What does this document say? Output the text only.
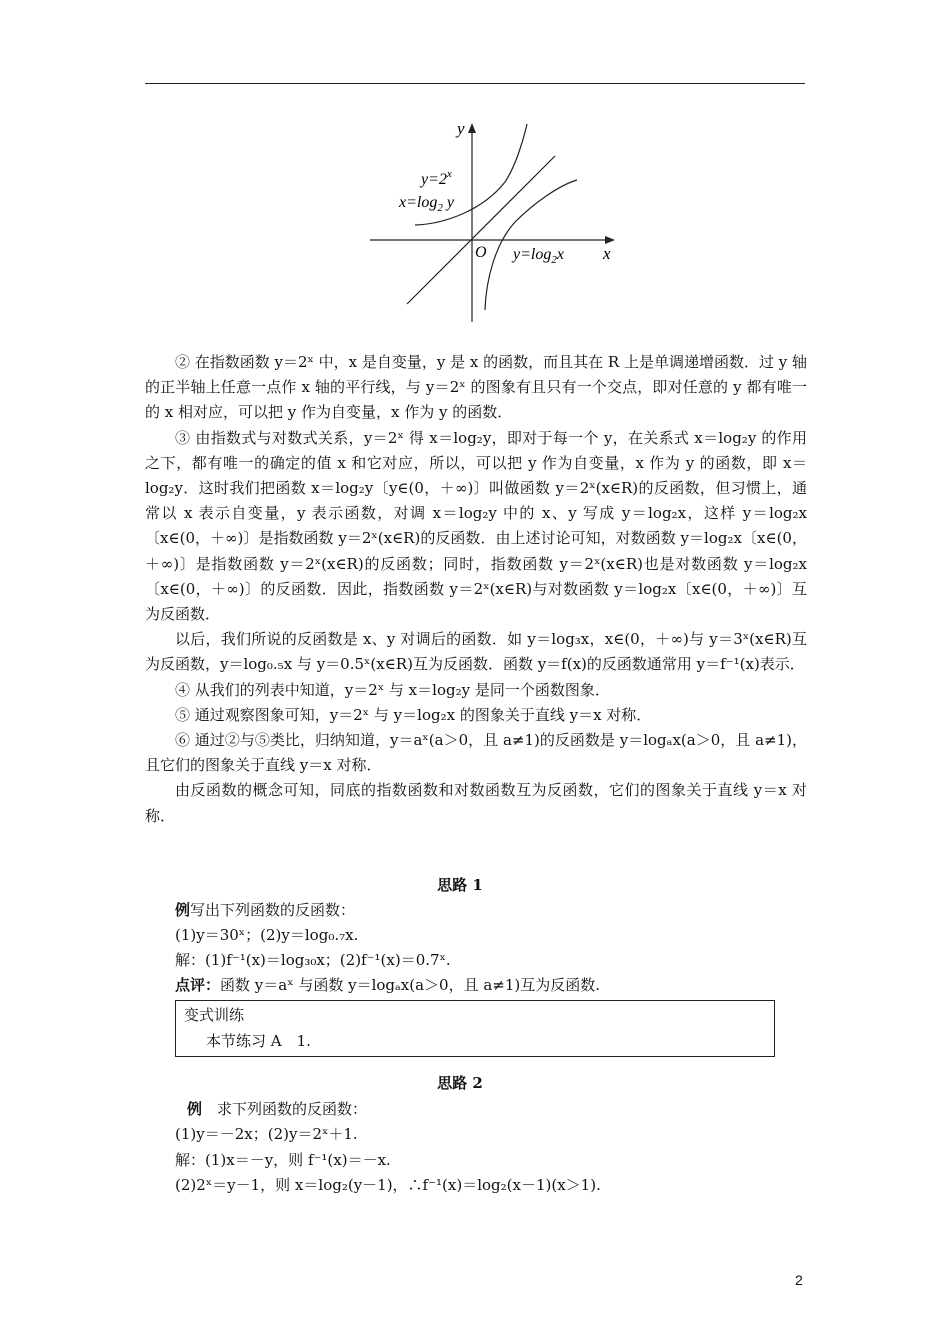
y
x
O
$y=2^x$
$x=\log_2$ y
$y=\log_2x$

② 在指数函数 y＝2ˣ 中，x 是自变量，y 是 x 的函数，而且其在 R 上是单调递增函数．过 y 轴的正半轴上任意一点作 x 轴的平行线，与 y＝2ˣ 的图象有且只有一个交点，即对任意的 y 都有唯一的 x 相对应，可以把 y 作为自变量，x 作为 y 的函数．

③ 由指数式与对数式关系，y＝2ˣ 得 x＝log₂y，即对于每一个 y，在关系式 x＝log₂y 的作用之下，都有唯一的确定的值 x 和它对应，所以，可以把 y 作为自变量，x 作为 y 的函数，即 x＝log₂y．这时我们把函数 x＝log₂y〔y∈(0，＋∞)〕叫做函数 y＝2ˣ(x∈R)的反函数，但习惯上，通常以 x 表示自变量，y 表示函数，对调 x＝log₂y 中的 x、y 写成 y＝log₂x，这样 y＝log₂x〔x∈(0，＋∞)〕是指数函数 y＝2ˣ(x∈R)的反函数．由上述讨论可知，对数函数 y＝log₂x〔x∈(0，＋∞)〕是指数函数 y＝2ˣ(x∈R)的反函数；同时，指数函数 y＝2ˣ(x∈R)也是对数函数 y＝log₂x〔x∈(0，＋∞)〕的反函数．因此，指数函数 y＝2ˣ(x∈R)与对数函数 y＝log₂x〔x∈(0，＋∞)〕互为反函数．

以后，我们所说的反函数是 x、y 对调后的函数．如 y＝log₃x，x∈(0，＋∞)与 y＝3ˣ(x∈R)互为反函数，y＝log₀.₅x 与 y＝0.5ˣ(x∈R)互为反函数．函数 y＝f(x)的反函数通常用 y＝f⁻¹(x)表示．

④ 从我们的列表中知道，y＝2ˣ 与 x＝log₂y 是同一个函数图象．

⑤ 通过观察图象可知，y＝2ˣ 与 y＝log₂x 的图象关于直线 y＝x 对称．

⑥ 通过②与⑤类比，归纳知道，y＝aˣ(a＞0，且 a≠1)的反函数是 y＝logₐx(a＞0，且 a≠1)，且它们的图象关于直线 y＝x 对称．

由反函数的概念可知，同底的指数函数和对数函数互为反函数，它们的图象关于直线 y＝x 对称．

思路 1

例写出下列函数的反函数：

(1)y＝30ˣ；(2)y＝log₀.₇x.

解：(1)f⁻¹(x)＝log₃₀x；(2)f⁻¹(x)＝0.7ˣ.

点评：函数 y＝aˣ 与函数 y＝logₐx(a＞0，且 a≠1)互为反函数.

变式训练
本节练习 A　1.

思路 2

例　求下列函数的反函数：

(1)y＝－2x；(2)y＝2ˣ＋1.

解：(1)x＝－y，则 f⁻¹(x)＝－x.

(2)2ˣ＝y－1，则 x＝log₂(y－1)，∴f⁻¹(x)＝log₂(x－1)(x＞1).

2
